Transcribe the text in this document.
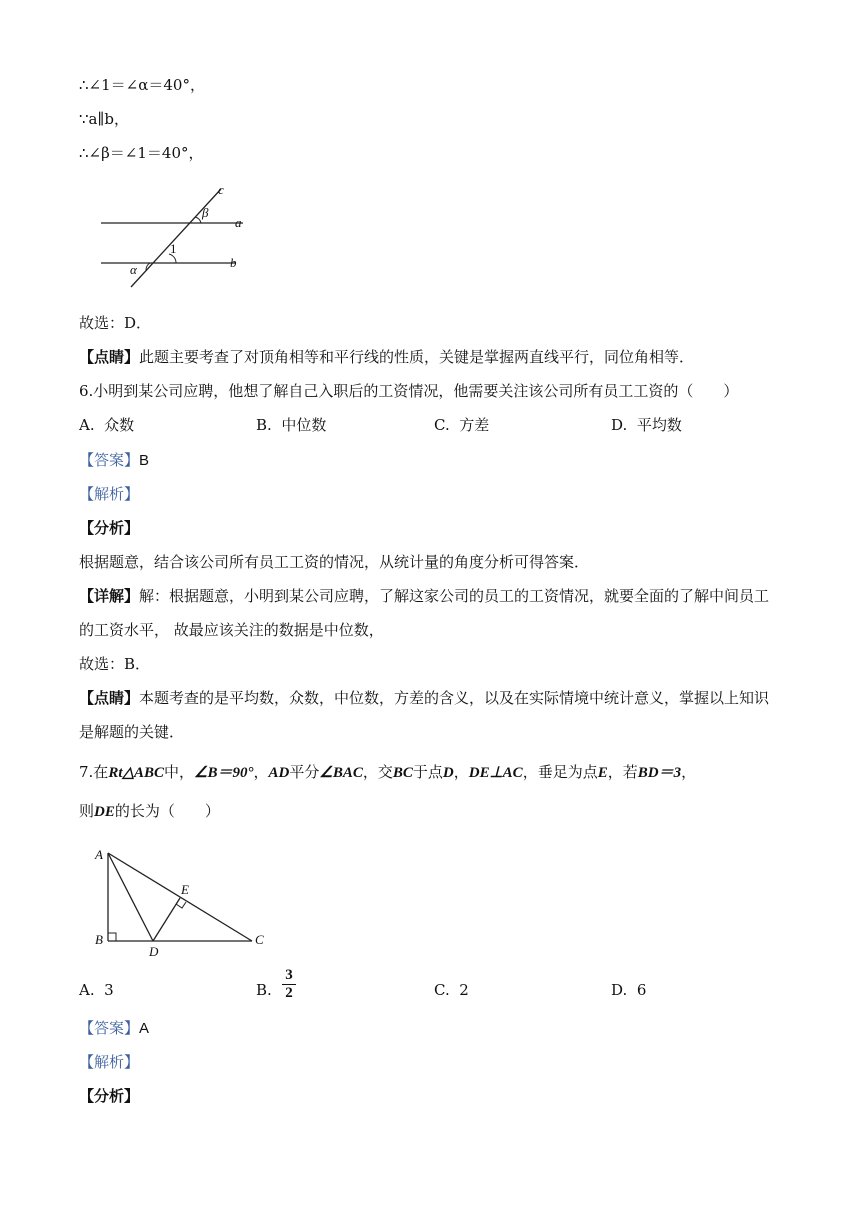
∴∠1＝∠α＝40°，
∵a∥b，
∴∠β＝∠1＝40°，
c
β
a
1
α	b
故选：D．
【点睛】此题主要考查了对顶角相等和平行线的性质，关键是掌握两直线平行，同位角相等．
6.小明到某公司应聘，他想了解自己入职后的工资情况，他需要关注该公司所有员工工资的（　　）
A. 众数	B. 中位数	C. 方差	D. 平均数
【答案】B
【解析】
【分析】
根据题意，结合该公司所有员工工资的情况，从统计量的角度分析可得答案．
【详解】解：根据题意，小明到某公司应聘，了解这家公司的员工的工资情况，就要全面的了解中间员工
的工资水平， 故最应该关注的数据是中位数，
故选：B．
【点睛】本题考查的是平均数，众数，中位数，方差的含义，以及在实际情境中统计意义，掌握以上知识
是解题的关键．
7.在Rt△ABC中，∠B＝90°，AD平分∠BAC，交BC于点D，DE⊥AC，垂足为点E，若BD＝3，
则DE的长为（　　）
A
B	C
D
E
A. 3	B. $\frac{3}{2}$	C. 2	D. 6
【答案】A
【解析】
【分析】
